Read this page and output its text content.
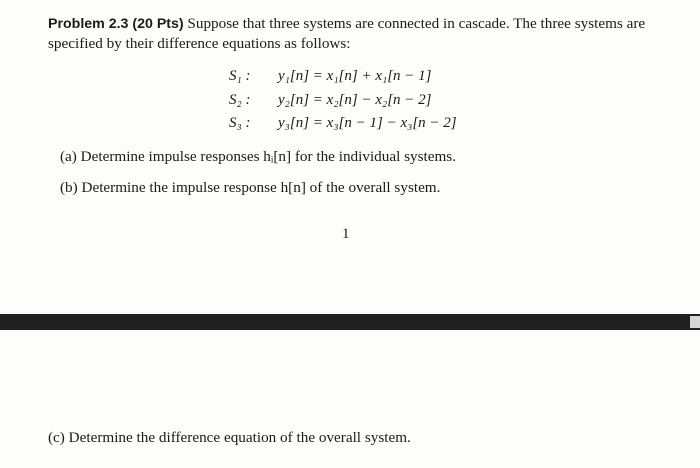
Problem 2.3 (20 Pts) Suppose that three systems are connected in cascade. The three systems are specified by their difference equations as follows:
S₁ :	y₁[n] = x₁[n] + x₁[n − 1]
S₂ :	y₂[n] = x₂[n] − x₂[n − 2]
S₃ :	y₃[n] = x₃[n − 1] − x₃[n − 2]
(a) Determine impulse responses hᵢ[n] for the individual systems.
(b) Determine the impulse response h[n] of the overall system.
1
(c) Determine the difference equation of the overall system.
